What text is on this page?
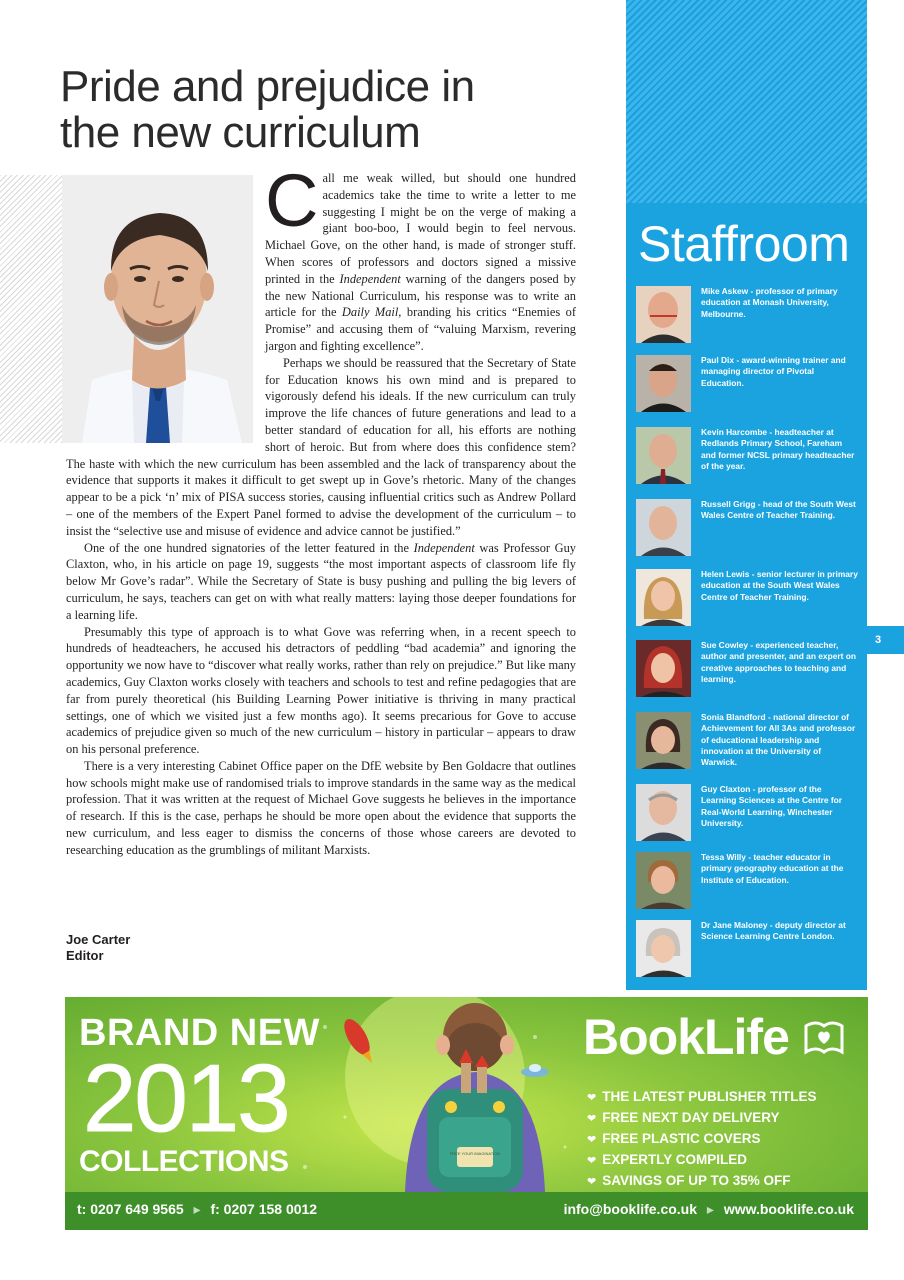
Pride and prejudice in
the new curriculum

Call me weak willed, but should one hundred academics take the time to write a letter to me suggesting I might be on the verge of making a giant boo-boo, I would begin to feel nervous. Michael Gove, on the other hand, is made of stronger stuff. When scores of professors and doctors signed a missive printed in the Independent warning of the dangers posed by the new National Curriculum, his response was to write an article for the Daily Mail, branding his critics “Enemies of Promise” and accusing them of “valuing Marxism, revering jargon and fighting excellence”.

Perhaps we should be reassured that the Secretary of State for Education knows his own mind and is prepared to vigorously defend his ideals. If the new curriculum can truly improve the life chances of future generations and lead to a better standard of education for all, his efforts are nothing short of heroic. But from where does this confidence stem? The haste with which the new curriculum has been assembled and the lack of transparency about the evidence that supports it makes it difficult to get swept up in Gove’s rhetoric. Many of the changes appear to be a pick ‘n’ mix of PISA success stories, causing influential critics such as Andrew Pollard – one of the members of the Expert Panel formed to advise the development of the curriculum – to insist the “selective use and misuse of evidence and advice cannot be justified.”

One of the one hundred signatories of the letter featured in the Independent was Professor Guy Claxton, who, in his article on page 19, suggests “the most important aspects of classroom life fly below Mr Gove’s radar”. While the Secretary of State is busy pushing and pulling the big levers of curriculum, he says, teachers can get on with what really matters: laying those deeper foundations for a learning life.

Presumably this type of approach is to what Gove was referring when, in a recent speech to hundreds of headteachers, he accused his detractors of peddling “bad academia” and ignoring the opportunity we now have to “discover what really works, rather than rely on prejudice.” But like many academics, Guy Claxton works closely with teachers and schools to test and refine pedagogies that are far from purely theoretical (his Building Learning Power initiative is thriving in many practical settings, one of which we visited just a few months ago). It seems precarious for Gove to accuse academics of prejudice given so much of the new curriculum – history in particular – appears to draw on his personal preference.

There is a very interesting Cabinet Office paper on the DfE website by Ben Goldacre that outlines how schools might make use of randomised trials to improve standards in the same way as the medical profession. That it was written at the request of Michael Gove suggests he believes in the importance of research. If this is the case, perhaps he should be more open about the evidence that supports the new curriculum, and less eager to dismiss the concerns of those whose careers are devoted to researching education as the grumblings of militant Marxists.

Joe Carter
Editor
Staffroom
Mike Askew - professor of primary education at Monash University, Melbourne.
Paul Dix - award-winning trainer and managing director of Pivotal Education.
Kevin Harcombe - headteacher at Redlands Primary School, Fareham and former NCSL primary headteacher of the year.
Russell Grigg - head of the South West Wales Centre of Teacher Training.
Helen Lewis - senior lecturer in primary education at the South West Wales Centre of Teacher Training.
Sue Cowley - experienced teacher, author and presenter, and an expert on creative approaches to teaching and learning.
Sonia Blandford - national director of Achievement for All 3As and professor of educational leadership and innovation at the University of Warwick.
Guy Claxton - professor of the Learning Sciences at the Centre for Real-World Learning, Winchester University.
Tessa Willy - teacher educator in primary geography education at the Institute of Education.
Dr Jane Maloney - deputy director at Science Learning Centre London.
3
BRAND NEW
2013
COLLECTIONS	FREE YOUR IMAGINATION
BookLife
❤ THE LATEST PUBLISHER TITLES
❤ FREE NEXT DAY DELIVERY
❤ FREE PLASTIC COVERS
❤ EXPERTLY COMPILED
❤ SAVINGS OF UP TO 35% OFF
t: 0207 649 9565 ▸ f: 0207 158 0012	info@booklife.co.uk ▸ www.booklife.co.uk
